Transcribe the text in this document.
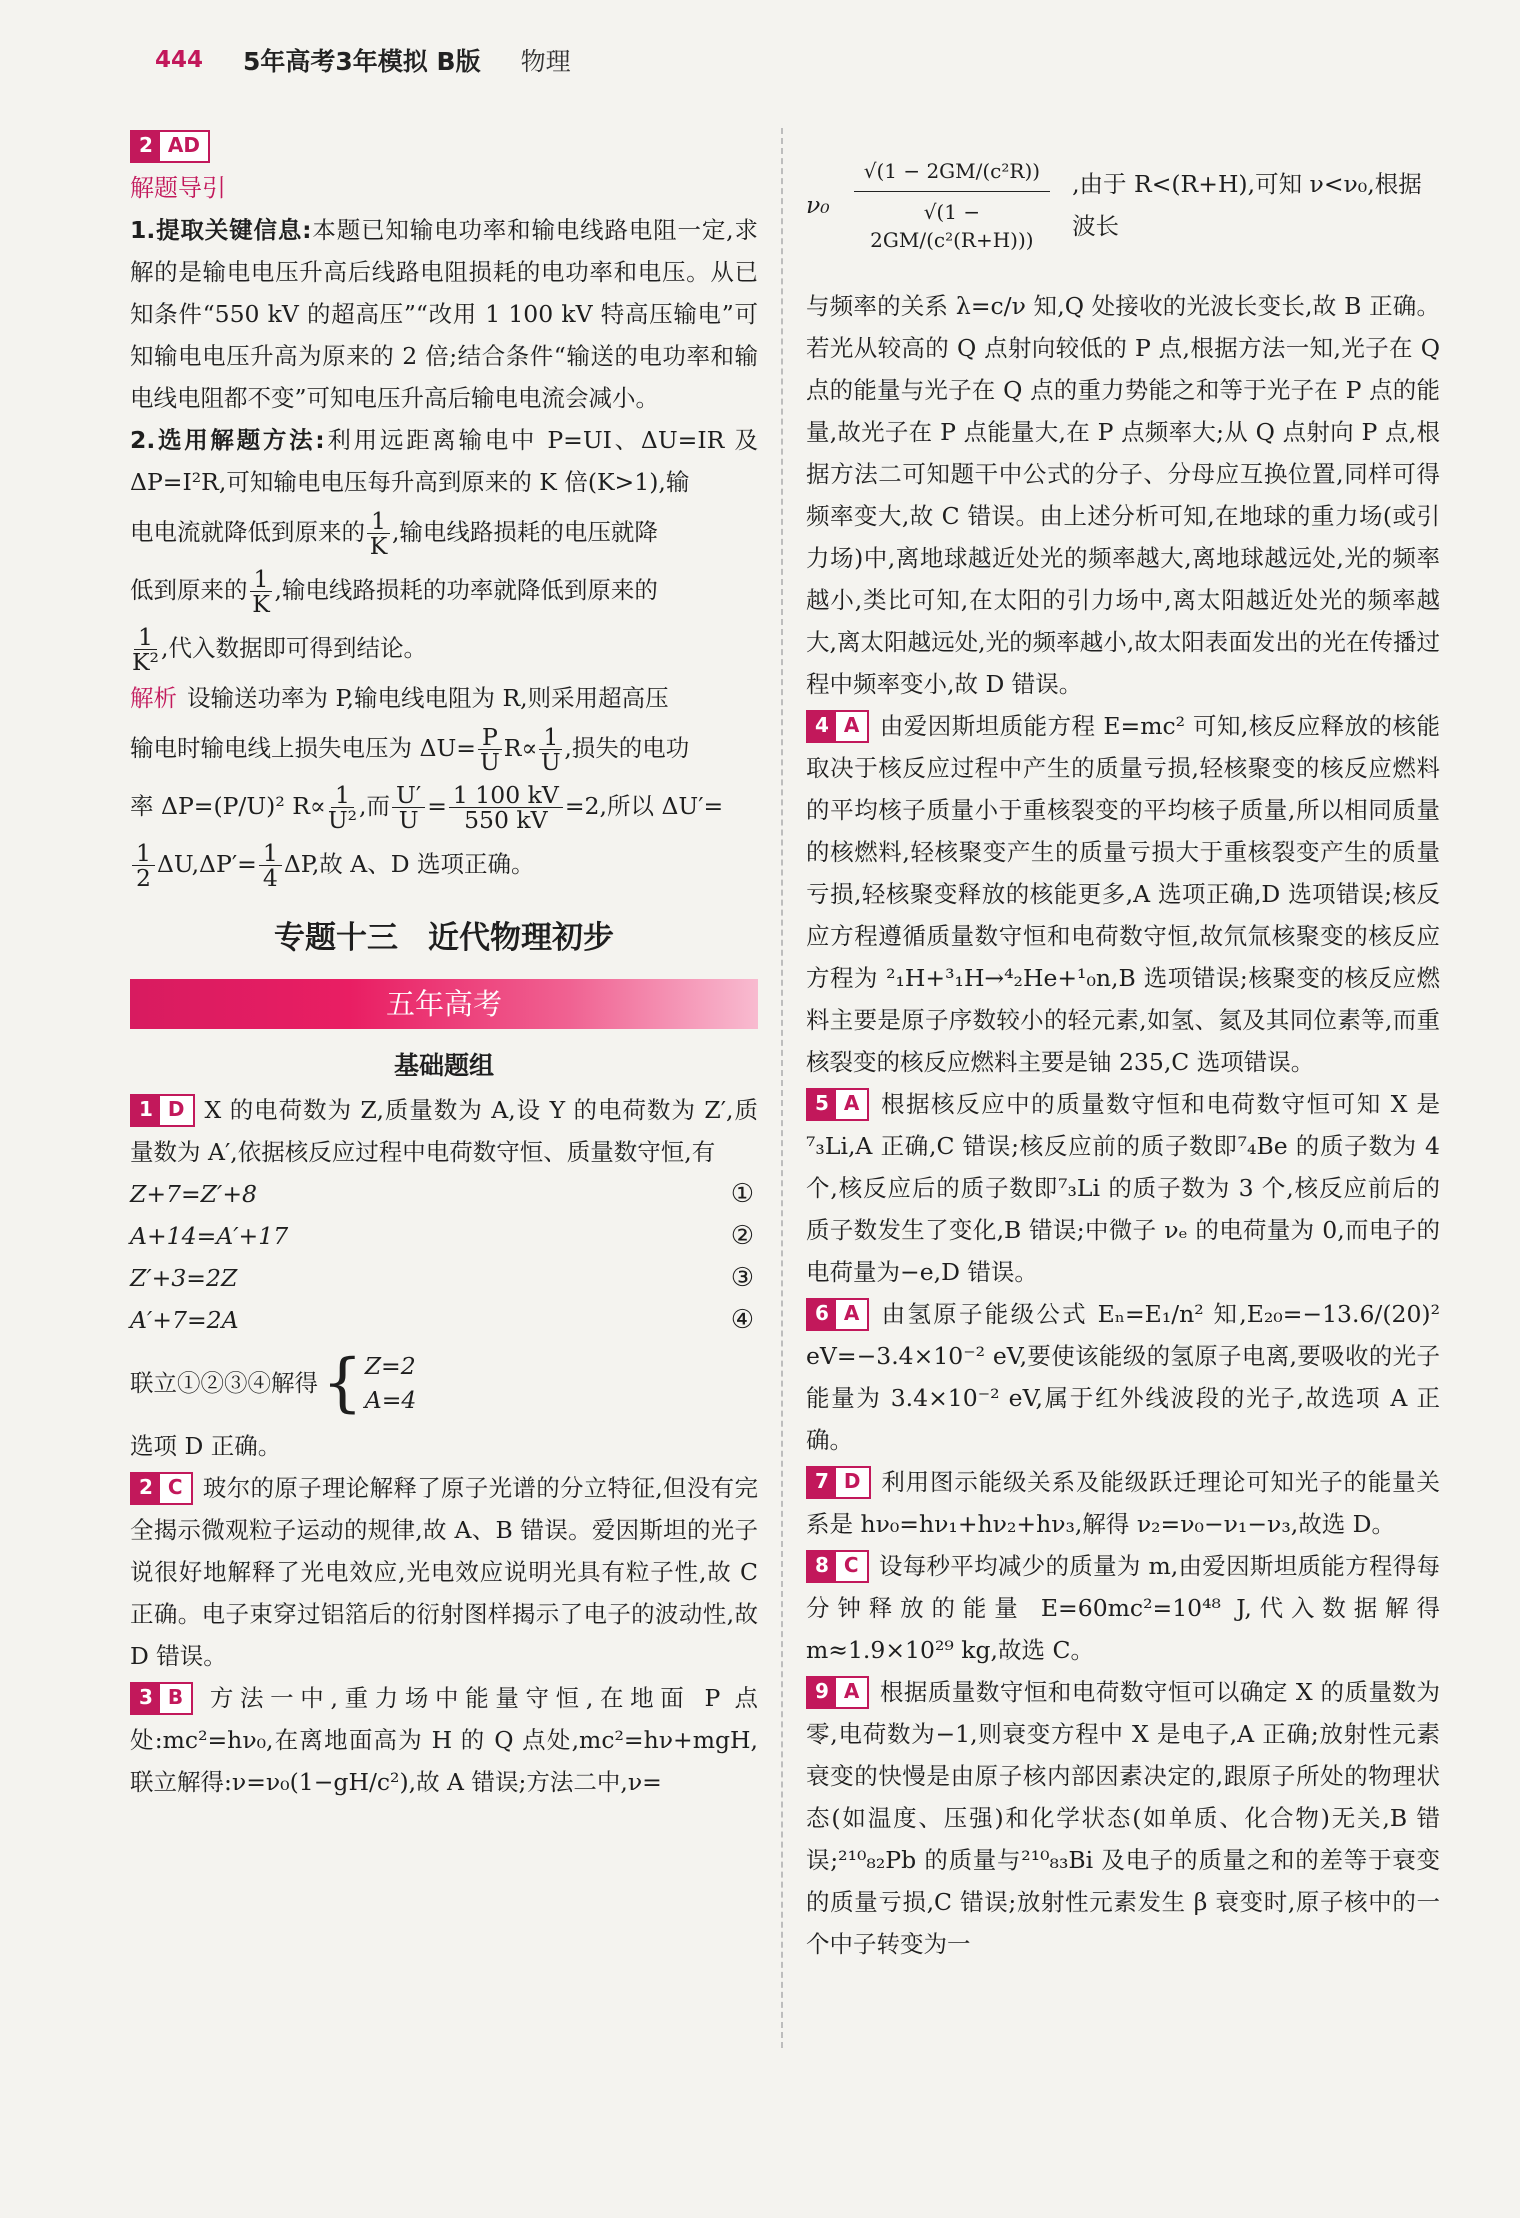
444 5年高考3年模拟 B版 物理

2 AD

解题导引

1.提取关键信息:本题已知输电功率和输电线路电阻一定,求解的是输电电压升高后线路电阻损耗的电功率和电压。从已知条件“550 kV 的超高压”“改用 1 100 kV 特高压输电”可知输电电压升高为原来的 2 倍;结合条件“输送的电功率和输电线电阻都不变”可知电压升高后输电电流会减小。

2.选用解题方法:利用远距离输电中 P=UI、ΔU=IR 及 ΔP=I²R,可知输电电压每升高到原来的 K 倍(K>1),输

电电流就降低到原来的 $\frac{1}{K}$ ,输电线路损耗的电压就降

低到原来的 $\frac{1}{K}$ ,输电线路损耗的功率就降低到原来的

$\frac{1}{\text{K²}}$ ,代入数据即可得到结论。

解析 设输送功率为 P,输电线电阻为 R,则采用超高压

输电时输电线上损失电压为 $\Delta U= \frac{P}{U} R\propto \frac{1}{U}$ ,损失的电功

率 ΔP=(P/U)² $R\propto \frac{1}{\text{U²}}$ ,而 $\frac{U'}{U} = \frac{1 100 kV}{550 kV} =2$,所以 ΔU′=

$\frac{1}{2} \Delta U,\Delta P'= \frac{1}{4} \Delta P$,故 A、D 选项正确。

专题十三 近代物理初步
五年高考
基础题组

1 D X 的电荷数为 Z,质量数为 A,设 Y 的电荷数为 Z′,质量数为 A′,依据核反应过程中电荷数守恒、质量数守恒,有

Z+7=Z′+8	①
A+14=A′+17	②
Z′+3=2Z	③
A′+7=2A	④
联立①②③④解得 { Z=2
A=4

选项 D 正确。

2 C 玻尔的原子理论解释了原子光谱的分立特征,但没有完全揭示微观粒子运动的规律,故 A、B 错误。爱因斯坦的光子说很好地解释了光电效应,光电效应说明光具有粒子性,故 C 正确。电子束穿过铝箔后的衍射图样揭示了电子的波动性,故 D 错误。

3 B 方法一中,重力场中能量守恒,在地面 P 点处:mc²=hν₀,在离地面高为 H 的 Q 点处,mc²=hν+mgH,联立解得:ν=ν₀(1−gH/c²),故 A 错误;方法二中,ν=

$\nu_0 \frac{\text{√(1 − 2GM/(c²R))}}{\text{√(1 − 2GM/(c²(R+H)))}}$ ,由于 R<(R+H),可知 ν<ν₀,根据波长

与频率的关系 λ=c/ν 知,Q 处接收的光波长变长,故 B 正确。若光从较高的 Q 点射向较低的 P 点,根据方法一知,光子在 Q 点的能量与光子在 Q 点的重力势能之和等于光子在 P 点的能量,故光子在 P 点能量大,在 P 点频率大;从 Q 点射向 P 点,根据方法二可知题干中公式的分子、分母应互换位置,同样可得频率变大,故 C 错误。由上述分析可知,在地球的重力场(或引力场)中,离地球越近处光的频率越大,离地球越远处,光的频率越小,类比可知,在太阳的引力场中,离太阳越近处光的频率越大,离太阳越远处,光的频率越小,故太阳表面发出的光在传播过程中频率变小,故 D 错误。

4 A 由爱因斯坦质能方程 E=mc² 可知,核反应释放的核能取决于核反应过程中产生的质量亏损,轻核聚变的核反应燃料的平均核子质量小于重核裂变的平均核子质量,所以相同质量的核燃料,轻核聚变产生的质量亏损大于重核裂变产生的质量亏损,轻核聚变释放的核能更多,A 选项正确,D 选项错误;核反应方程遵循质量数守恒和电荷数守恒,故氘氚核聚变的核反应方程为 ²₁H+³₁H→⁴₂He+¹₀n,B 选项错误;核聚变的核反应燃料主要是原子序数较小的轻元素,如氢、氦及其同位素等,而重核裂变的核反应燃料主要是铀 235,C 选项错误。

5 A 根据核反应中的质量数守恒和电荷数守恒可知 X 是⁷₃Li,A 正确,C 错误;核反应前的质子数即⁷₄Be 的质子数为 4 个,核反应后的质子数即⁷₃Li 的质子数为 3 个,核反应前后的质子数发生了变化,B 错误;中微子 νₑ 的电荷量为 0,而电子的电荷量为−e,D 错误。

6 A 由氢原子能级公式 Eₙ=E₁/n² 知,E₂₀=−13.6/(20)² eV=−3.4×10⁻² eV,要使该能级的氢原子电离,要吸收的光子能量为 3.4×10⁻² eV,属于红外线波段的光子,故选项 A 正确。

7 D 利用图示能级关系及能级跃迁理论可知光子的能量关系是 hν₀=hν₁+hν₂+hν₃,解得 ν₂=ν₀−ν₁−ν₃,故选 D。

8 C 设每秒平均减少的质量为 m,由爱因斯坦质能方程得每分钟释放的能量 E=60mc²=10⁴⁸ J,代入数据解得 m≈1.9×10²⁹ kg,故选 C。

9 A 根据质量数守恒和电荷数守恒可以确定 X 的质量数为零,电荷数为−1,则衰变方程中 X 是电子,A 正确;放射性元素衰变的快慢是由原子核内部因素决定的,跟原子所处的物理状态(如温度、压强)和化学状态(如单质、化合物)无关,B 错误;²¹⁰₈₂Pb 的质量与²¹⁰₈₃Bi 及电子的质量之和的差等于衰变的质量亏损,C 错误;放射性元素发生 β 衰变时,原子核中的一个中子转变为一
